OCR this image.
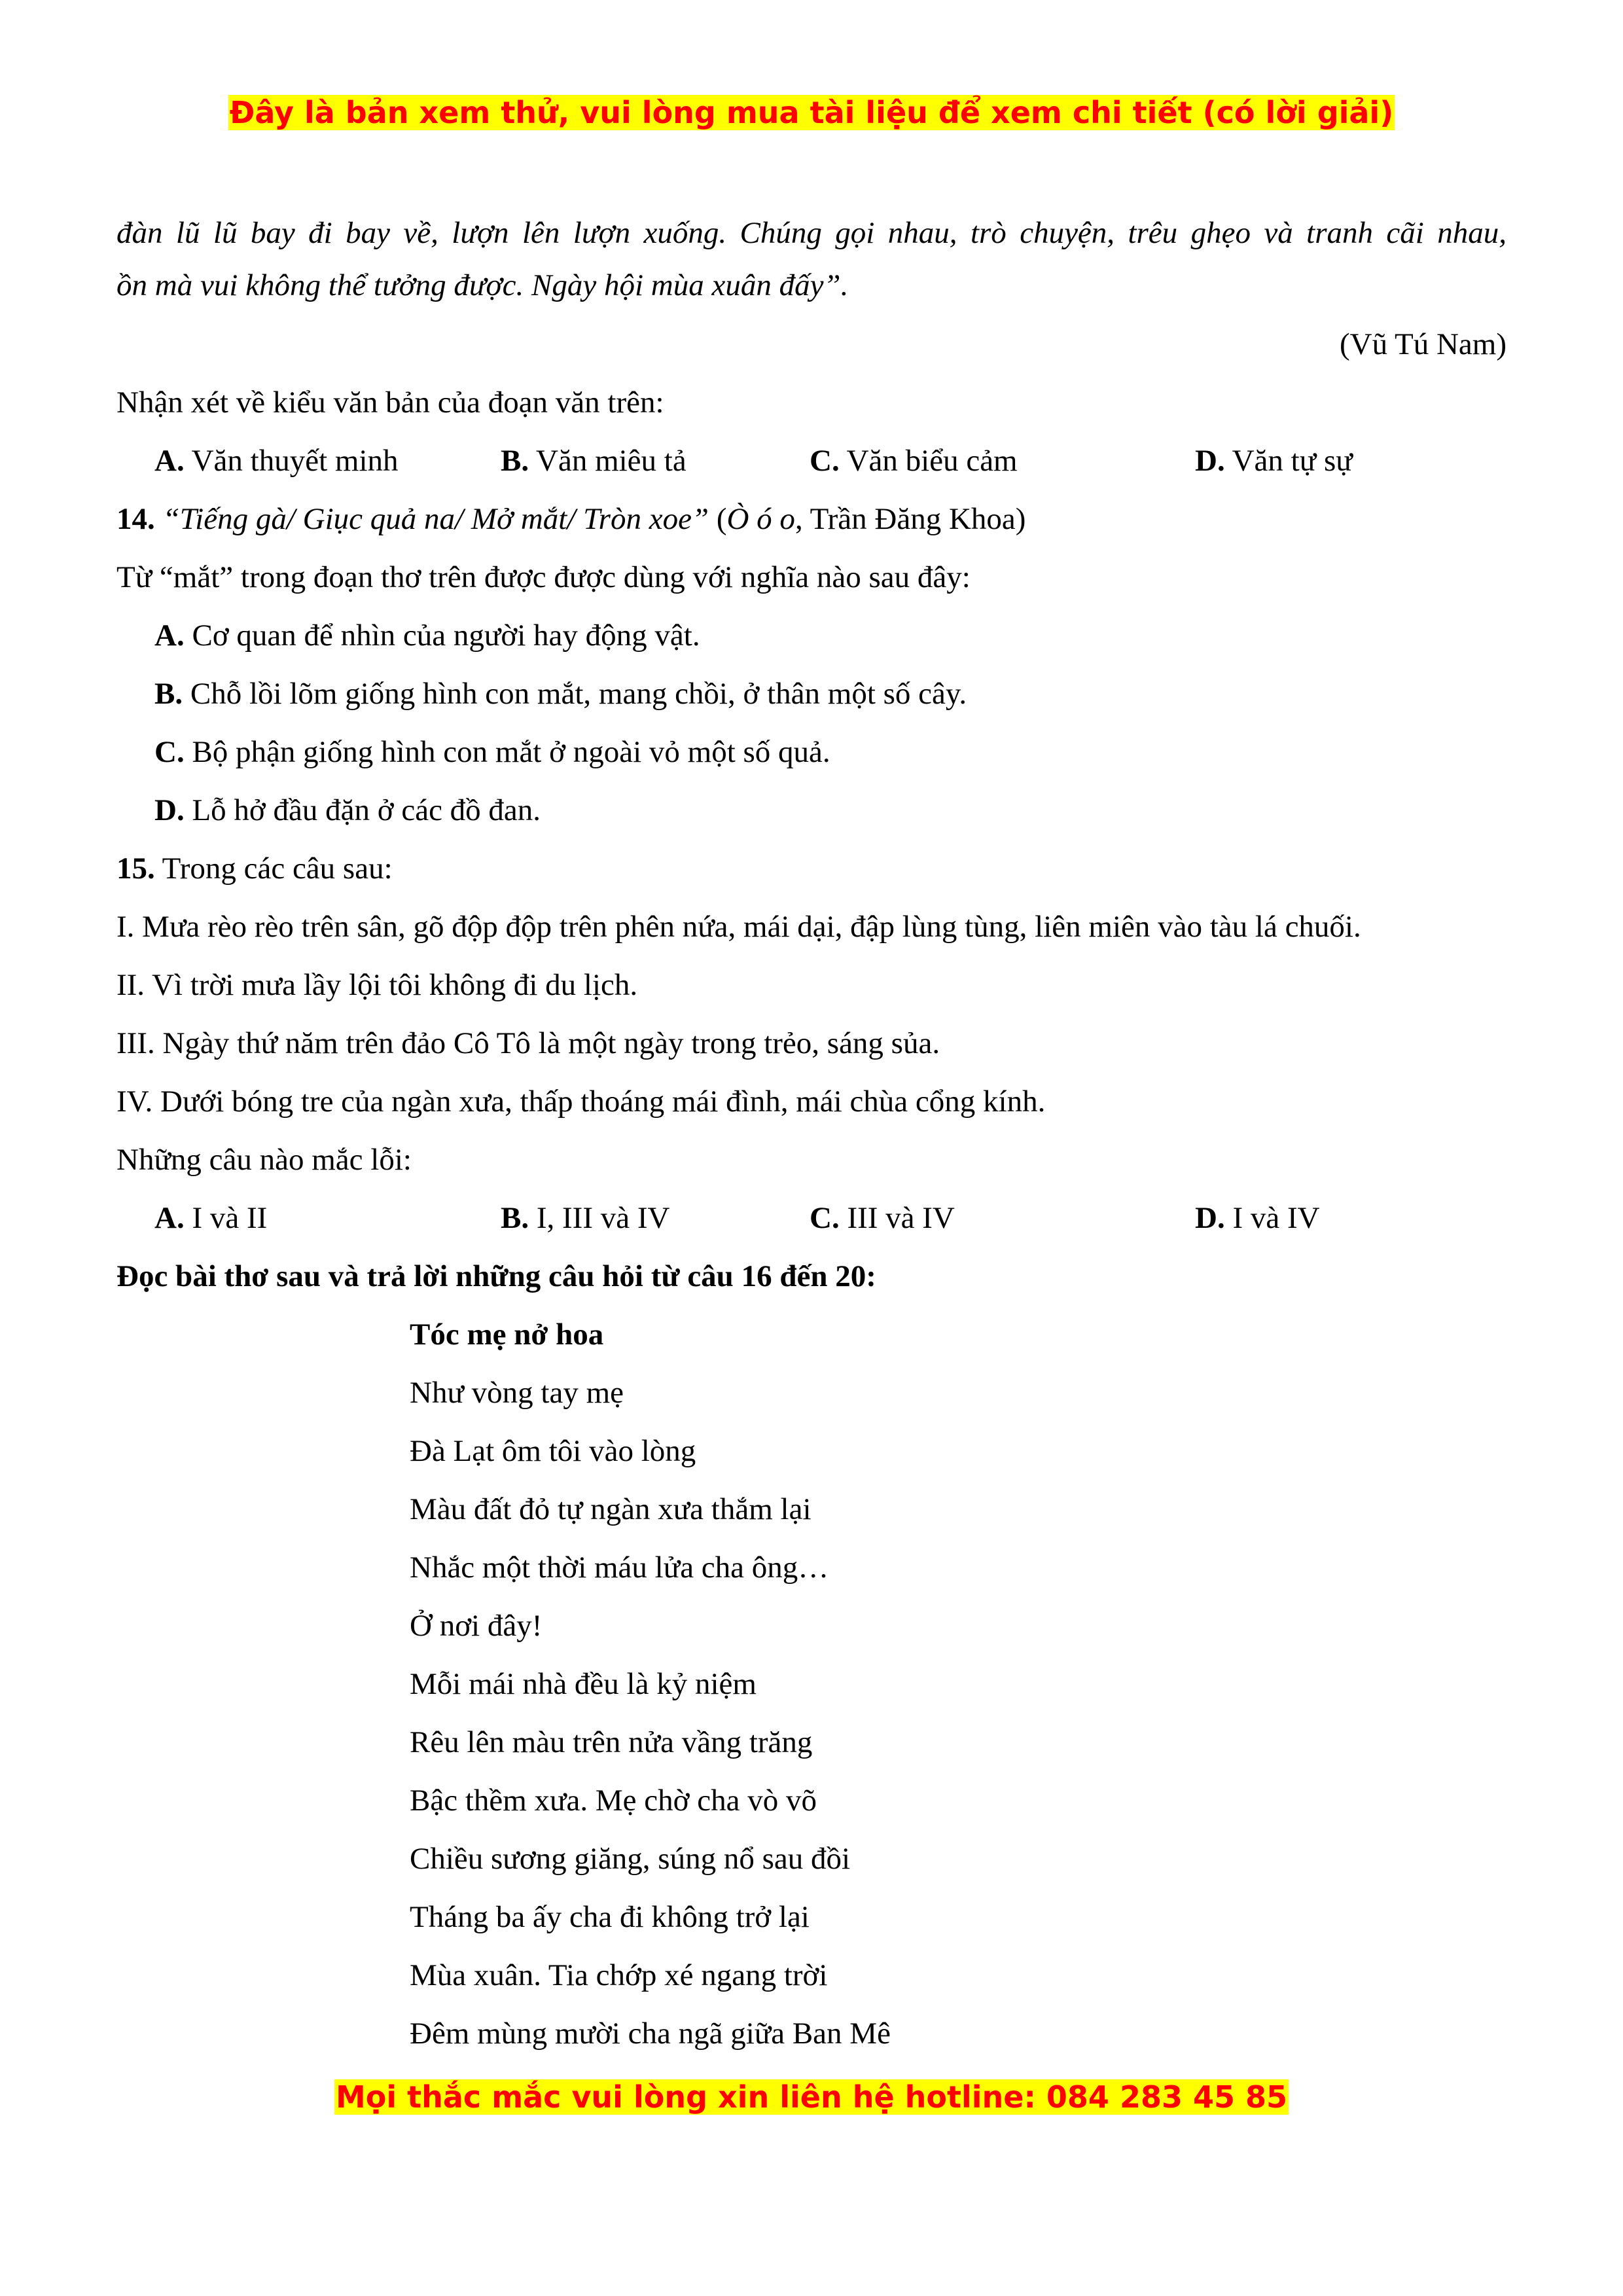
Đây là bản xem thử, vui lòng mua tài liệu để xem chi tiết (có lời giải)
đàn lũ lũ bay đi bay về, lượn lên lượn xuống. Chúng gọi nhau, trò chuyện, trêu ghẹo và tranh cãi nhau,
ồn mà vui không thể tưởng được. Ngày hội mùa xuân đấy”.
(Vũ Tú Nam)
Nhận xét về kiểu văn bản của đoạn văn trên:
A. Văn thuyết minh	B. Văn miêu tả	C. Văn biểu cảm	D. Văn tự sự
14. “Tiếng gà/ Giục quả na/ Mở mắt/ Tròn xoe” (Ò ó o, Trần Đăng Khoa)
Từ “mắt” trong đoạn thơ trên được được dùng với nghĩa nào sau đây:
A. Cơ quan để nhìn của người hay động vật.
B. Chỗ lồi lõm giống hình con mắt, mang chồi, ở thân một số cây.
C. Bộ phận giống hình con mắt ở ngoài vỏ một số quả.
D. Lỗ hở đầu đặn ở các đồ đan.
15. Trong các câu sau:
I. Mưa rèo rèo trên sân, gõ độp độp trên phên nứa, mái dại, đập lùng tùng, liên miên vào tàu lá chuối.
II. Vì trời mưa lầy lội tôi không đi du lịch.
III. Ngày thứ năm trên đảo Cô Tô là một ngày trong trẻo, sáng sủa.
IV. Dưới bóng tre của ngàn xưa, thấp thoáng mái đình, mái chùa cổng kính.
Những câu nào mắc lỗi:
A. I và II	B. I, III và IV	C. III và IV	D. I và IV
Đọc bài thơ sau và trả lời những câu hỏi từ câu 16 đến 20:
Tóc mẹ nở hoa
Như vòng tay mẹ
Đà Lạt ôm tôi vào lòng
Màu đất đỏ tự ngàn xưa thắm lại
Nhắc một thời máu lửa cha ông…
Ở nơi đây!
Mỗi mái nhà đều là kỷ niệm
Rêu lên màu trên nửa vầng trăng
Bậc thềm xưa. Mẹ chờ cha vò võ
Chiều sương giăng, súng nổ sau đồi
Tháng ba ấy cha đi không trở lại
Mùa xuân. Tia chớp xé ngang trời
Đêm mùng mười cha ngã giữa Ban Mê
Mọi thắc mắc vui lòng xin liên hệ hotline: 084 283 45 85
